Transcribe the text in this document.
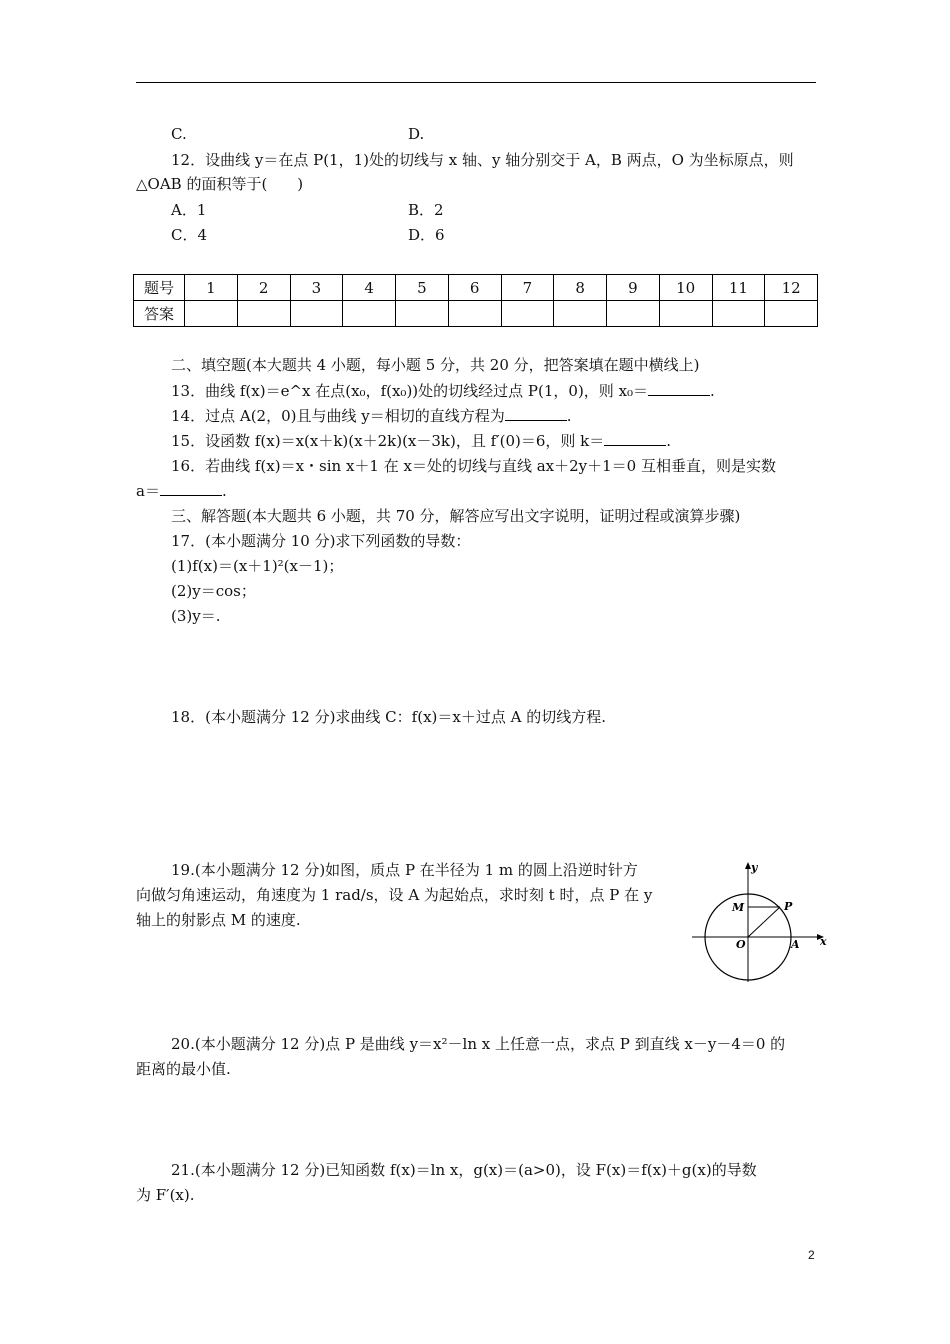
C.	D.
12．设曲线 y＝在点 P(1，1)处的切线与 x 轴、y 轴分别交于 A，B 两点，O 为坐标原点，则
△OAB 的面积等于(　　)
A．1	B．2
C．4	D．6
题号	1	2	3	4	5	6	7	8	9	10	11	12
答案												
二、填空题(本大题共 4 小题，每小题 5 分，共 20 分，把答案填在题中横线上)
13．曲线 f(x)＝e^x 在点(x₀，f(x₀))处的切线经过点 P(1，0)，则 x₀＝	.
14．过点 A(2，0)且与曲线 y＝相切的直线方程为	.
15．设函数 f(x)＝x(x＋k)(x＋2k)(x－3k)，且 f′(0)＝6，则 k＝	.
16．若曲线 f(x)＝x・sin x＋1 在 x＝处的切线与直线 ax＋2y＋1＝0 互相垂直，则是实数
a＝	.
三、解答题(本大题共 6 小题，共 70 分，解答应写出文字说明，证明过程或演算步骤)
17．(本小题满分 10 分)求下列函数的导数：
(1)f(x)＝(x＋1)²(x－1)；
(2)y＝cos；
(3)y＝.
18．(本小题满分 12 分)求曲线 C：f(x)＝x＋过点 A 的切线方程.
19.(本小题满分 12 分)如图，质点 P 在半径为 1 m 的圆上沿逆时针方
向做匀角速运动，角速度为 1 rad/s，设 A 为起始点，求时刻 t 时，点 P 在 y
轴上的射影点 M 的速度.
y
x
M	P
O	A
20.(本小题满分 12 分)点 P 是曲线 y＝x²－ln x 上任意一点，求点 P 到直线 x－y－4＝0 的
距离的最小值.
21.(本小题满分 12 分)已知函数 f(x)＝ln x，g(x)＝(a>0)，设 F(x)＝f(x)＋g(x)的导数
为 F′(x).
2
